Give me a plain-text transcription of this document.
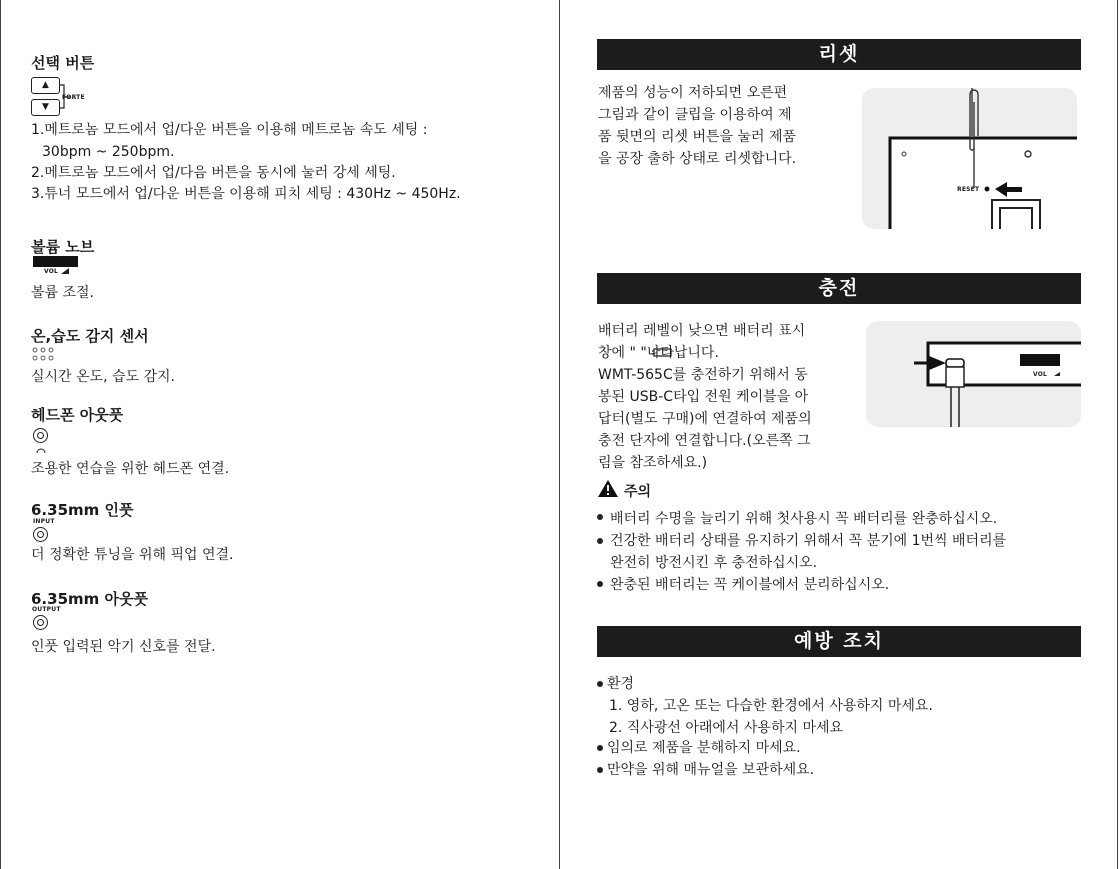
선택 버튼
▲
▼
FORTE
1.메트로놈 모드에서 업/다운 버튼을 이용해 메트로놈 속도 세팅 :
30bpm ~ 250bpm.
2.메트로놈 모드에서 업/다음 버튼을 동시에 눌러 강세 세팅.
3.튜너 모드에서 업/다운 버튼을 이용해 피치 세팅 : 430Hz ~ 450Hz.
볼륨 노브
VOL
볼륨 조절.
온,습도 감지 센서
실시간 온도, 습도 감지.
헤드폰 아웃풋
조용한 연습을 위한 헤드폰 연결.
6.35mm 인풋
INPUT
더 정확한 튜닝을 위해 픽업 연결.
6.35mm 아웃풋
OUTPUT
인풋 입력된 악기 신호를 전달.
리셋
제품의 성능이 저하되면 오른편
그림과 같이 클립을 이용하여 제
품 뒷면의 리셋 버튼을 눌러 제품
을 공장 출하 상태로 리셋합니다.
RESET
충전
배터리 레벨이 낮으면 배터리 표시
창에 " "나타납니다.
WMT-565C를 충전하기 위해서 동
봉된 USB-C타입 전원 케이블을 아
답터(별도 구매)에 연결하여 제품의
충전 단자에 연결합니다.(오른쪽 그
림을 참조하세요.)
VOL
주의
배터리 수명을 늘리기 위해 첫사용시 꼭 배터리를 완충하십시오.
건강한 배터리 상태를 유지하기 위해서 꼭 분기에 1번씩 배터리를
완전히 방전시킨 후 충전하십시오.
완충된 배터리는 꼭 케이블에서 분리하십시오.
예방 조치
환경
1. 영하, 고온 또는 다습한 환경에서 사용하지 마세요.
2. 직사광선 아래에서 사용하지 마세요
임의로 제품을 분해하지 마세요.
만약을 위해 매뉴얼을 보관하세요.
